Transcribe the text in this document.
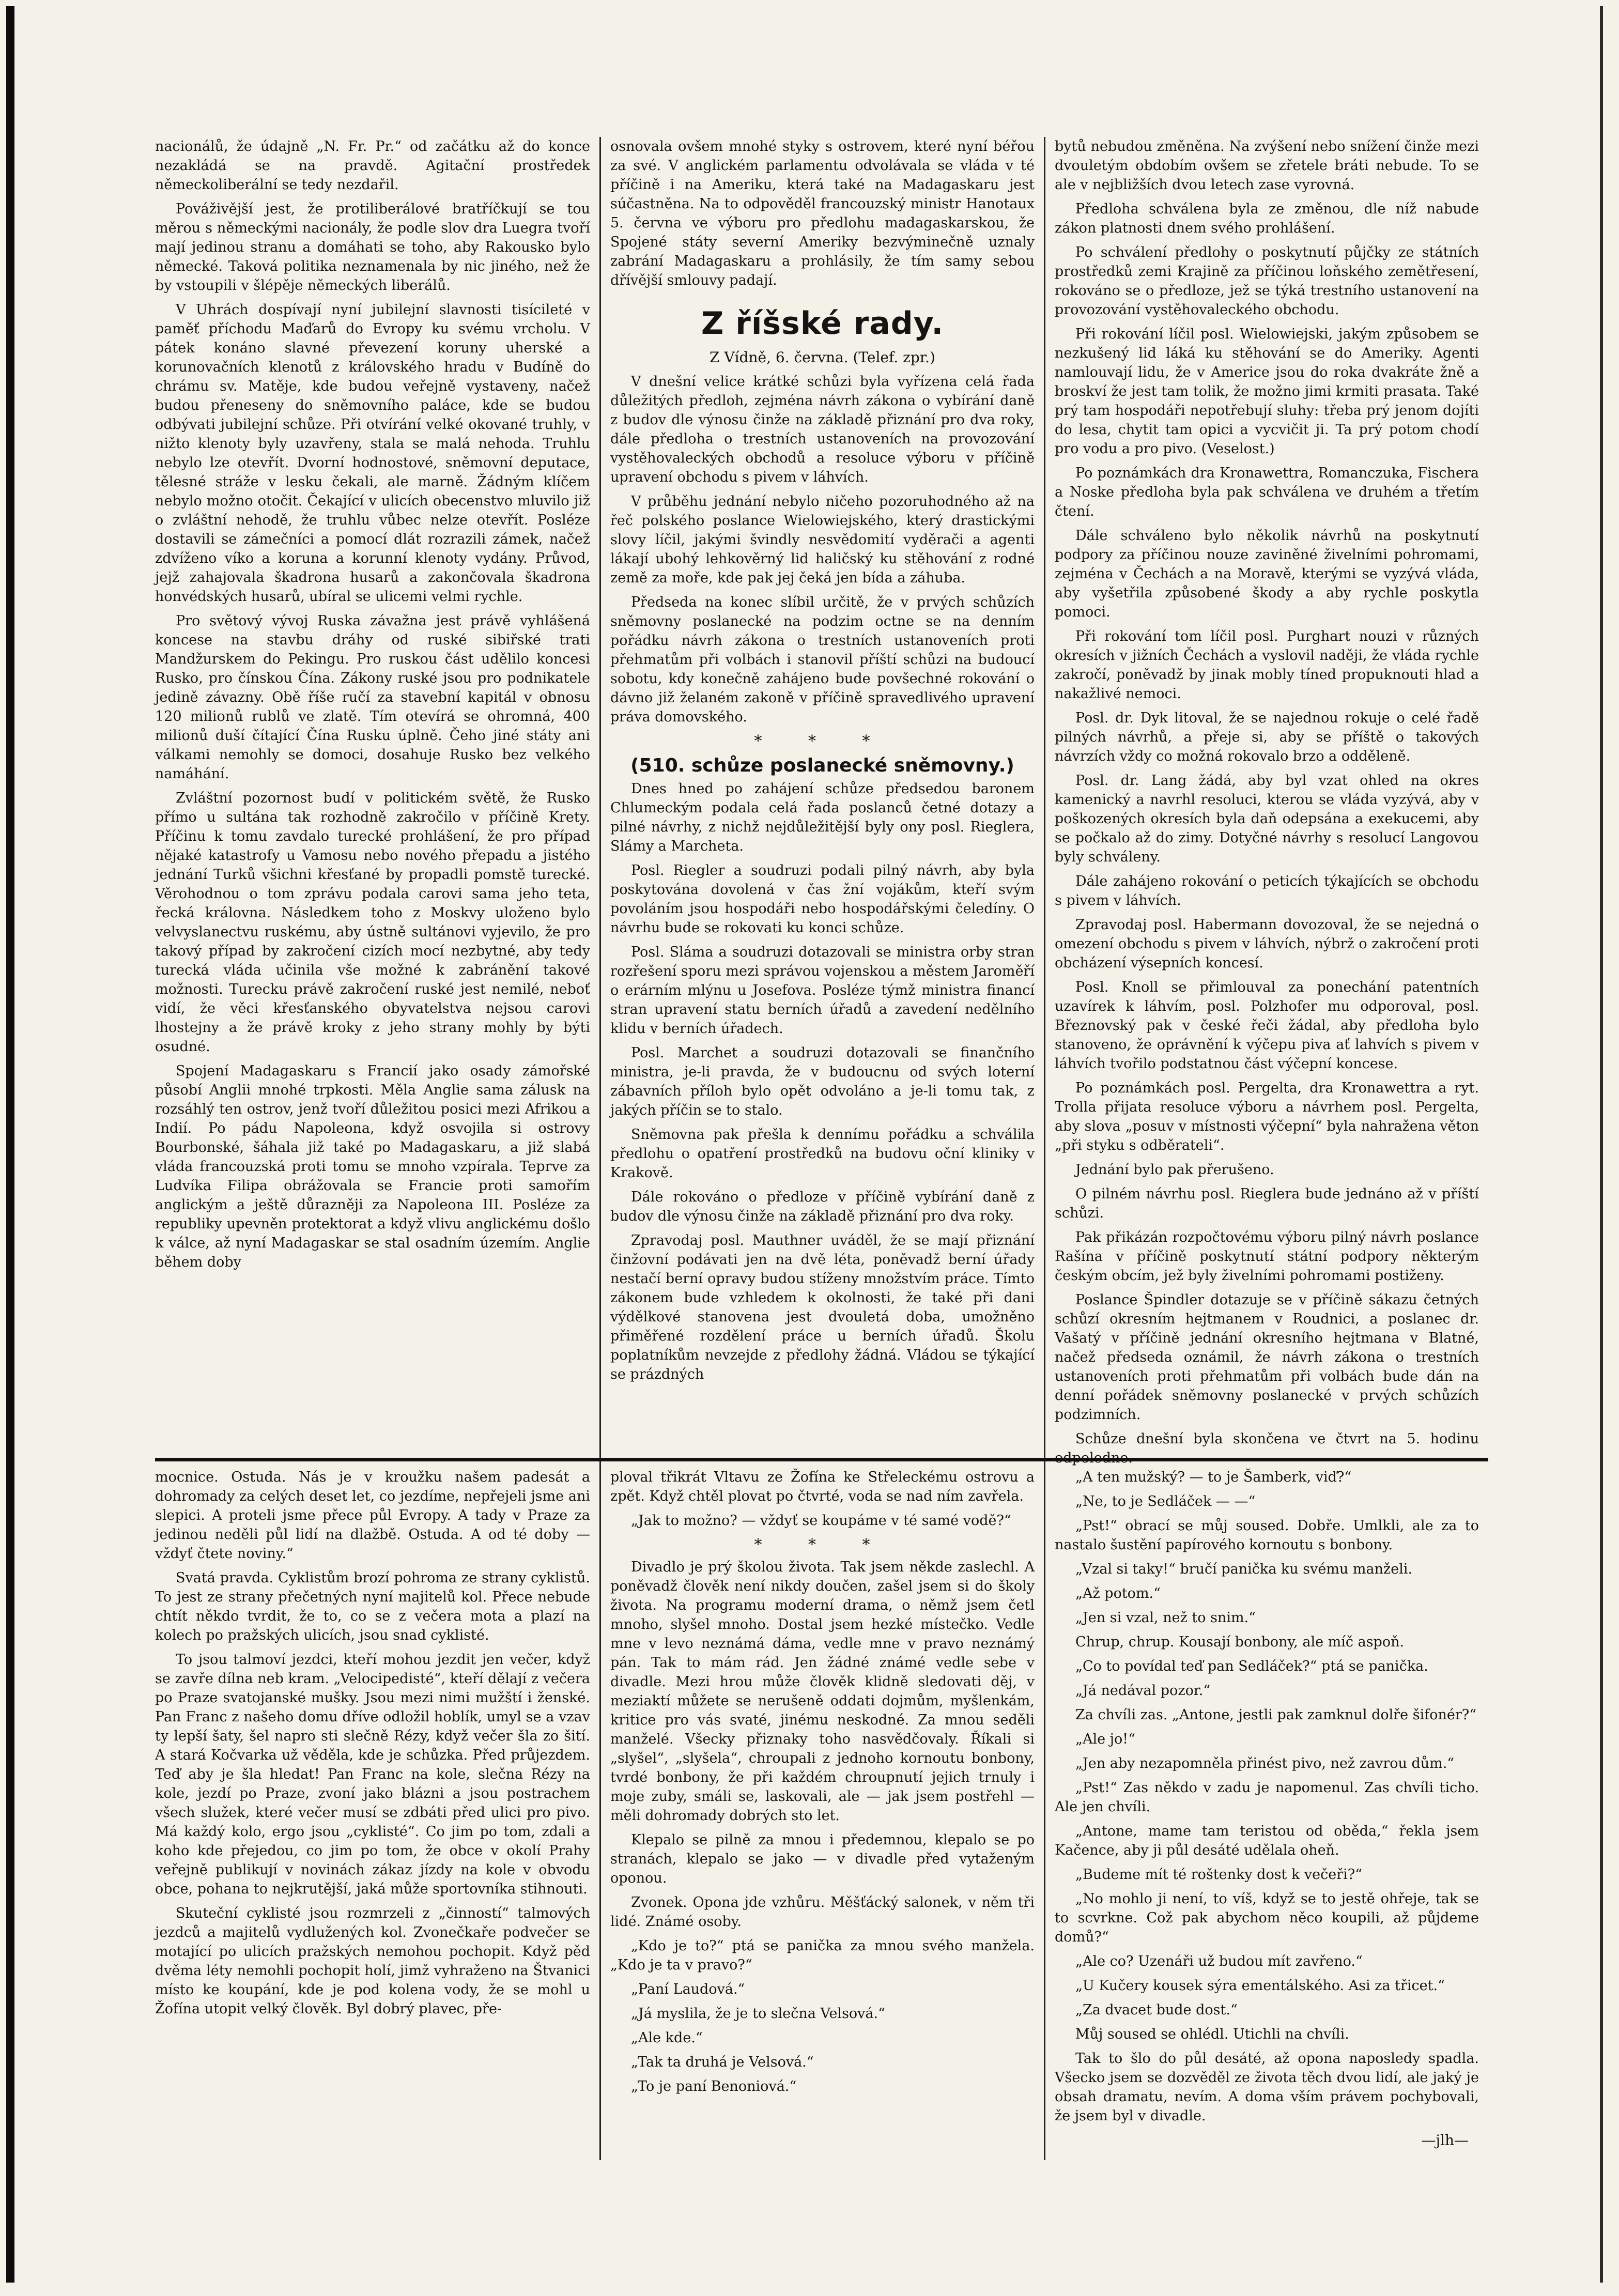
nacionálů, že údajně „N. Fr. Pr.“ od začátku až do konce nezakládá se na pravdě. Agitační prostředek německoliberální se tedy nezdařil.

Pováživější jest, že protiliberálové bratříčkují se tou měrou s německými nacionály, že podle slov dra Luegra tvoří mají jedinou stranu a domáhati se toho, aby Rakousko bylo německé. Taková politika neznamenala by nic jiného, než že by vstoupili v šlépěje německých liberálů.

V Uhrách dospívají nyní jubilejní slavnosti tisícileté v paměť příchodu Maďarů do Evropy ku svému vrcholu. V pátek konáno slavné převezení koruny uherské a korunovačních klenotů z královského hradu v Budíně do chrámu sv. Matěje, kde budou veřejně vystaveny, načež budou přeneseny do sněmovního paláce, kde se budou odbývati jubilejní schůze. Při otvírání velké okované truhly, v nižto klenoty byly uzavřeny, stala se malá nehoda. Truhlu nebylo lze otevřít. Dvorní hodnostové, sněmovní deputace, tělesné stráže v lesku čekali, ale marně. Žádným klíčem nebylo možno otočit. Čekající v ulicích obecenstvo mluvilo již o zvláštní nehodě, že truhlu vůbec nelze otevřít. Posléze dostavili se zámečníci a pomocí dlát rozrazili zámek, načež zdvíženo víko a koruna a korunní klenoty vydány. Průvod, jejž zahajovala škadrona husarů a zakončovala škadrona honvédských husarů, ubíral se ulicemi velmi rychle.

Pro světový vývoj Ruska závažna jest právě vyhlášená koncese na stavbu dráhy od ruské sibiřské trati Mandžurskem do Pekingu. Pro ruskou část udělilo koncesi Rusko, pro čínskou Čína. Zákony ruské jsou pro podnikatele jedině závazny. Obě říše ručí za stavební kapitál v obnosu 120 milionů rublů ve zlatě. Tím otevírá se ohromná, 400 milionů duší čítající Čína Rusku úplně. Čeho jiné státy ani válkami nemohly se domoci, dosahuje Rusko bez velkého namáhání.

Zvláštní pozornost budí v politickém světě, že Rusko přímo u sultána tak rozhodně zakročilo v příčině Krety. Příčinu k tomu zavdalo turecké prohlášení, že pro případ nějaké katastrofy u Vamosu nebo nového přepadu a jistého jednání Turků všichni křesťané by propadli pomstě turecké. Věrohodnou o tom zprávu podala carovi sama jeho teta, řecká královna. Následkem toho z Moskvy uloženo bylo velvyslanectvu ruskému, aby ústně sultánovi vyjevilo, že pro takový případ by zakročení cizích mocí nezbytné, aby tedy turecká vláda učinila vše možné k zabránění takové možnosti. Turecku právě zakročení ruské jest nemilé, neboť vidí, že věci křesťanského obyvatelstva nejsou carovi lhostejny a že právě kroky z jeho strany mohly by býti osudné.

Spojení Madagaskaru s Francií jako osady zámořské působí Anglii mnohé trpkosti. Měla Anglie sama zálusk na rozsáhlý ten ostrov, jenž tvoří důležitou posici mezi Afrikou a Indií. Po pádu Napoleona, když osvojila si ostrovy Bourbonské, šáhala již také po Madagaskaru, a již slabá vláda francouzská proti tomu se mnoho vzpírala. Teprve za Ludvíka Filipa obrážovala se Francie proti samořím anglickým a ještě důrazněji za Napoleona III. Posléze za republiky upevněn protektorat a když vlivu anglickému došlo k válce, až nyní Madagaskar se stal osadním územím. Anglie během doby

osnovala ovšem mnohé styky s ostrovem, které nyní béřou za své. V anglickém parlamentu odvolávala se vláda v té příčině i na Ameriku, která také na Madagaskaru jest súčastněna. Na to odpověděl francouzský ministr Hanotaux 5. června ve výboru pro předlohu madagaskarskou, že Spojené státy severní Ameriky bezvýminečně uznaly zabrání Madagaskaru a prohlásily, že tím samy sebou dřívější smlouvy padají.

Z říšské rady.

Z Vídně, 6. června. (Telef. zpr.)

V dnešní velice krátké schůzi byla vyřízena celá řada důležitých předloh, zejména návrh zákona o vybírání daně z budov dle výnosu činže na základě přiznání pro dva roky, dále předloha o trestních ustanoveních na provozování vystěhovaleckých obchodů a resoluce výboru v příčině upravení obchodu s pivem v láhvích.

V průběhu jednání nebylo ničeho pozoruhodného až na řeč polského poslance Wielowiejského, který drastickými slovy líčil, jakými švindly nesvědomití vyděrači a agenti lákají ubohý lehkověrný lid haličský ku stěhování z rodné země za moře, kde pak jej čeká jen bída a záhuba.

Předseda na konec slíbil určitě, že v prvých schůzích sněmovny poslanecké na podzim octne se na denním pořádku návrh zákona o trestních ustanoveních proti přehmatům při volbách i stanovil příští schůzi na budoucí sobotu, kdy konečně zahájeno bude povšechné rokování o dávno již želaném zakoně v příčině spravedlivého upravení práva domovského.

* * *

(510. schůze poslanecké sněmovny.)

Dnes hned po zahájení schůze předsedou baronem Chlumeckým podala celá řada poslanců četné dotazy a pilné návrhy, z nichž nejdůležitější byly ony posl. Rieglera, Slámy a Marcheta.

Posl. Riegler a soudruzi podali pilný návrh, aby byla poskytována dovolená v čas žní vojákům, kteří svým povoláním jsou hospodáři nebo hospodářskými čeledíny. O návrhu bude se rokovati ku konci schůze.

Posl. Sláma a soudruzi dotazovali se ministra orby stran rozřešení sporu mezi správou vojenskou a městem Jaroměří o erárním mlýnu u Josefova. Posléze týmž ministra financí stran upravení statu berních úřadů a zavedení nedělního klidu v berních úřadech.

Posl. Marchet a soudruzi dotazovali se finančního ministra, je-li pravda, že v budoucnu od svých loterní zábavních příloh bylo opět odvoláno a je-li tomu tak, z jakých příčin se to stalo.

Sněmovna pak přešla k dennímu pořádku a schválila předlohu o opatření prostředků na budovu oční kliniky v Krakově.

Dále rokováno o předloze v příčině vybírání daně z budov dle výnosu činže na základě přiznání pro dva roky.

Zpravodaj posl. Mauthner uváděl, že se mají přiznání činžovní podávati jen na dvě léta, poněvadž berní úřady nestačí berní opravy budou stíženy množstvím práce. Tímto zákonem bude vzhledem k okolnosti, že také při dani výdělkové stanovena jest dvouletá doba, umožněno přiměřené rozdělení práce u berních úřadů. Školu poplatníkům nevzejde z předlohy žádná. Vládou se týkající se prázdných

bytů nebudou změněna. Na zvýšení nebo snížení činže mezi dvouletým obdobím ovšem se zřetele bráti nebude. To se ale v nejbližších dvou letech zase vyrovná.

Předloha schválena byla ze změnou, dle níž nabude zákon platnosti dnem svého prohlášení.

Po schválení předlohy o poskytnutí půjčky ze státních prostředků zemi Krajině za příčinou loňského zemětřesení, rokováno se o předloze, jež se týká trestního ustanovení na provozování vystěhovaleckého obchodu.

Při rokování líčil posl. Wielowiejski, jakým způsobem se nezkušený lid láká ku stěhování se do Ameriky. Agenti namlouvají lidu, že v Americe jsou do roka dvakráte žně a broskví že jest tam tolik, že možno jimi krmiti prasata. Také prý tam hospodáři nepotřebují sluhy: třeba prý jenom dojíti do lesa, chytit tam opici a vycvičit ji. Ta prý potom chodí pro vodu a pro pivo. (Veselost.)

Po poznámkách dra Kronawettra, Romanczuka, Fischera a Noske předloha byla pak schválena ve druhém a třetím čtení.

Dále schváleno bylo několik návrhů na poskytnutí podpory za příčinou nouze zaviněné živelními pohromami, zejména v Čechách a na Moravě, kterými se vyzývá vláda, aby vyšetřila způsobené škody a aby rychle poskytla pomoci.

Při rokování tom líčil posl. Purghart nouzi v různých okresích v jižních Čechách a vyslovil naději, že vláda rychle zakročí, poněvadž by jinak mobly tíned propuknouti hlad a nakažlivé nemoci.

Posl. dr. Dyk litoval, že se najednou rokuje o celé řadě pilných návrhů, a přeje si, aby se příště o takových návrzích vždy co možná rokovalo brzo a odděleně.

Posl. dr. Lang žádá, aby byl vzat ohled na okres kamenický a navrhl resoluci, kterou se vláda vyzývá, aby v poškozených okresích byla daň odepsána a exekucemi, aby se počkalo až do zimy. Dotyčné návrhy s resolucí Langovou byly schváleny.

Dále zahájeno rokování o peticích týkajících se obchodu s pivem v láhvích.

Zpravodaj posl. Habermann dovozoval, že se nejedná o omezení obchodu s pivem v láhvích, nýbrž o zakročení proti obcházení výsepních koncesí.

Posl. Knoll se přimlouval za ponechání patentních uzavírek k láhvím, posl. Polzhofer mu odporoval, posl. Březnovský pak v české řeči žádal, aby předloha bylo stanoveno, že oprávnění k výčepu piva ať lahvích s pivem v láhvích tvořilo podstatnou část výčepní koncese.

Po poznámkách posl. Pergelta, dra Kronawettra a ryt. Trolla přijata resoluce výboru a návrhem posl. Pergelta, aby slova „posuv v místnosti výčepní“ byla nahražena věton „při styku s odběrateli“.

Jednání bylo pak přerušeno.

O pilném návrhu posl. Rieglera bude jednáno až v příští schůzi.

Pak přikázán rozpočtovému výboru pilný návrh poslance Rašína v příčině poskytnutí státní podpory některým českým obcím, jež byly živelními pohromami postiženy.

Poslance Špindler dotazuje se v příčině sákazu četných schůzí okresním hejtmanem v Roudnici, a poslanec dr. Vašatý v příčině jednání okresního hejtmana v Blatné, načež předseda oznámil, že návrh zákona o trestních ustanoveních proti přehmatům při volbách bude dán na denní pořádek sněmovny poslanecké v prvých schůzích podzimních.

Schůze dnešní byla skončena ve čtvrt na 5. hodinu odpoledne.

mocnice. Ostuda. Nás je v kroužku našem padesát a dohromady za celých deset let, co jezdíme, nepřejeli jsme ani slepici. A proteli jsme přece půl Evropy. A tady v Praze za jedinou neděli půl lidí na dlažbě. Ostuda. A od té doby — vždyť čtete noviny.“

Svatá pravda. Cyklistům brozí pohroma ze strany cyklistů. To jest ze strany přečetných nyní majitelů kol. Přece nebude chtít někdo tvrdit, že to, co se z večera mota a plazí na kolech po pražských ulicích, jsou snad cyklisté.

To jsou talmoví jezdci, kteří mohou jezdit jen večer, když se zavře dílna neb kram. „Velocipedisté“, kteří dělají z večera po Praze svatojanské mušky. Jsou mezi nimi mužští i ženské. Pan Franc z našeho domu dříve odložil hoblík, umyl se a vzav ty lepší šaty, šel napro sti slečně Rézy, když večer šla zo šití. A stará Kočvarka už věděla, kde je schůzka. Před průjezdem. Teď aby je šla hledat! Pan Franc na kole, slečna Rézy na kole, jezdí po Praze, zvoní jako blázni a jsou postrachem všech služek, které večer musí se zdbáti před ulici pro pivo. Má každý kolo, ergo jsou „cyklisté“. Co jim po tom, zdali a koho kde přejedou, co jim po tom, že obce v okolí Prahy veřejně publikují v novinách zákaz jízdy na kole v obvodu obce, pohana to nejkrutější, jaká může sportovníka stihnouti.

Skuteční cyklisté jsou rozmrzeli z „činností“ talmových jezdců a majitelů vydlužených kol. Zvonečkaře podvečer se motající po ulicích pražských nemohou pochopit. Když pěd dvěma léty nemohli pochopit holí, jimž vyhraženo na Štvanici místo ke koupání, kde je pod kolena vody, že se mohl u Žofína utopit velký člověk. Byl dobrý plavec, pře-

ploval třikrát Vltavu ze Žofína ke Střeleckému ostrovu a zpět. Když chtěl plovat po čtvrté, voda se nad ním zavřela.

„Jak to možno? — vždyť se koupáme v té samé vodě?“

* * *

Divadlo je prý školou života. Tak jsem někde zaslechl. A poněvadž člověk není nikdy doučen, zašel jsem si do školy života. Na programu moderní drama, o němž jsem četl mnoho, slyšel mnoho. Dostal jsem hezké místečko. Vedle mne v levo neznámá dáma, vedle mne v pravo neznámý pán. Tak to mám rád. Jen žádné známé vedle sebe v divadle. Mezi hrou může člověk klidně sledovati děj, v meziaktí můžete se nerušeně oddati dojmům, myšlenkám, kritice pro vás svaté, jinému neskodné. Za mnou seděli manželé. Všecky přiznaky toho nasvědčovaly. Říkali si „slyšel“, „slyšela“, chroupali z jednoho kornoutu bonbony, tvrdé bonbony, že při každém chroupnutí jejich trnuly i moje zuby, smáli se, laskovali, ale — jak jsem postřehl — měli dohromady dobrých sto let.

Klepalo se pilně za mnou i předemnou, klepalo se po stranách, klepalo se jako — v divadle před vytaženým oponou.

Zvonek. Opona jde vzhůru. Měšťácký salonek, v něm tři lidé. Známé osoby.

„Kdo je to?“ ptá se panička za mnou svého manžela. „Kdo je ta v pravo?“

„Paní Laudová.“

„Já myslila, že je to slečna Velsová.“

„Ale kde.“

„Tak ta druhá je Velsová.“

„To je paní Benoniová.“

„A ten mužský? — to je Šamberk, viď?“

„Ne, to je Sedláček — —“

„Pst!“ obrací se můj soused. Dobře. Umlkli, ale za to nastalo šustění papírového kornoutu s bonbony.

„Vzal si taky!“ bručí panička ku svému manželi.

„Až potom.“

„Jen si vzal, než to snim.“

Chrup, chrup. Kousají bonbony, ale míč aspoň.

„Co to povídal teď pan Sedláček?“ ptá se panička.

„Já nedával pozor.“

Za chvíli zas. „Antone, jestli pak zamknul dolře šifonér?“

„Ale jo!“

„Jen aby nezapomněla přinést pivo, než zavrou dům.“

„Pst!“ Zas někdo v zadu je napomenul. Zas chvíli ticho. Ale jen chvíli.

„Antone, mame tam teristou od oběda,“ řekla jsem Kačence, aby ji půl desáté udělala oheň.

„Budeme mít té roštenky dost k večeři?“

„No mohlo ji není, to víš, když se to jestě ohřeje, tak se to scvrkne. Což pak abychom něco koupili, až půjdeme domů?“

„Ale co? Uzenáři už budou mít zavřeno.“

„U Kučery kousek sýra ementálského. Asi za třicet.“

„Za dvacet bude dost.“

Můj soused se ohlédl. Utichli na chvíli.

Tak to šlo do půl desáté, až opona naposledy spadla. Všecko jsem se dozvěděl ze života těch dvou lidí, ale jaký je obsah dramatu, nevím. A doma vším právem pochybovali, že jsem byl v divadle.

—jlh—
